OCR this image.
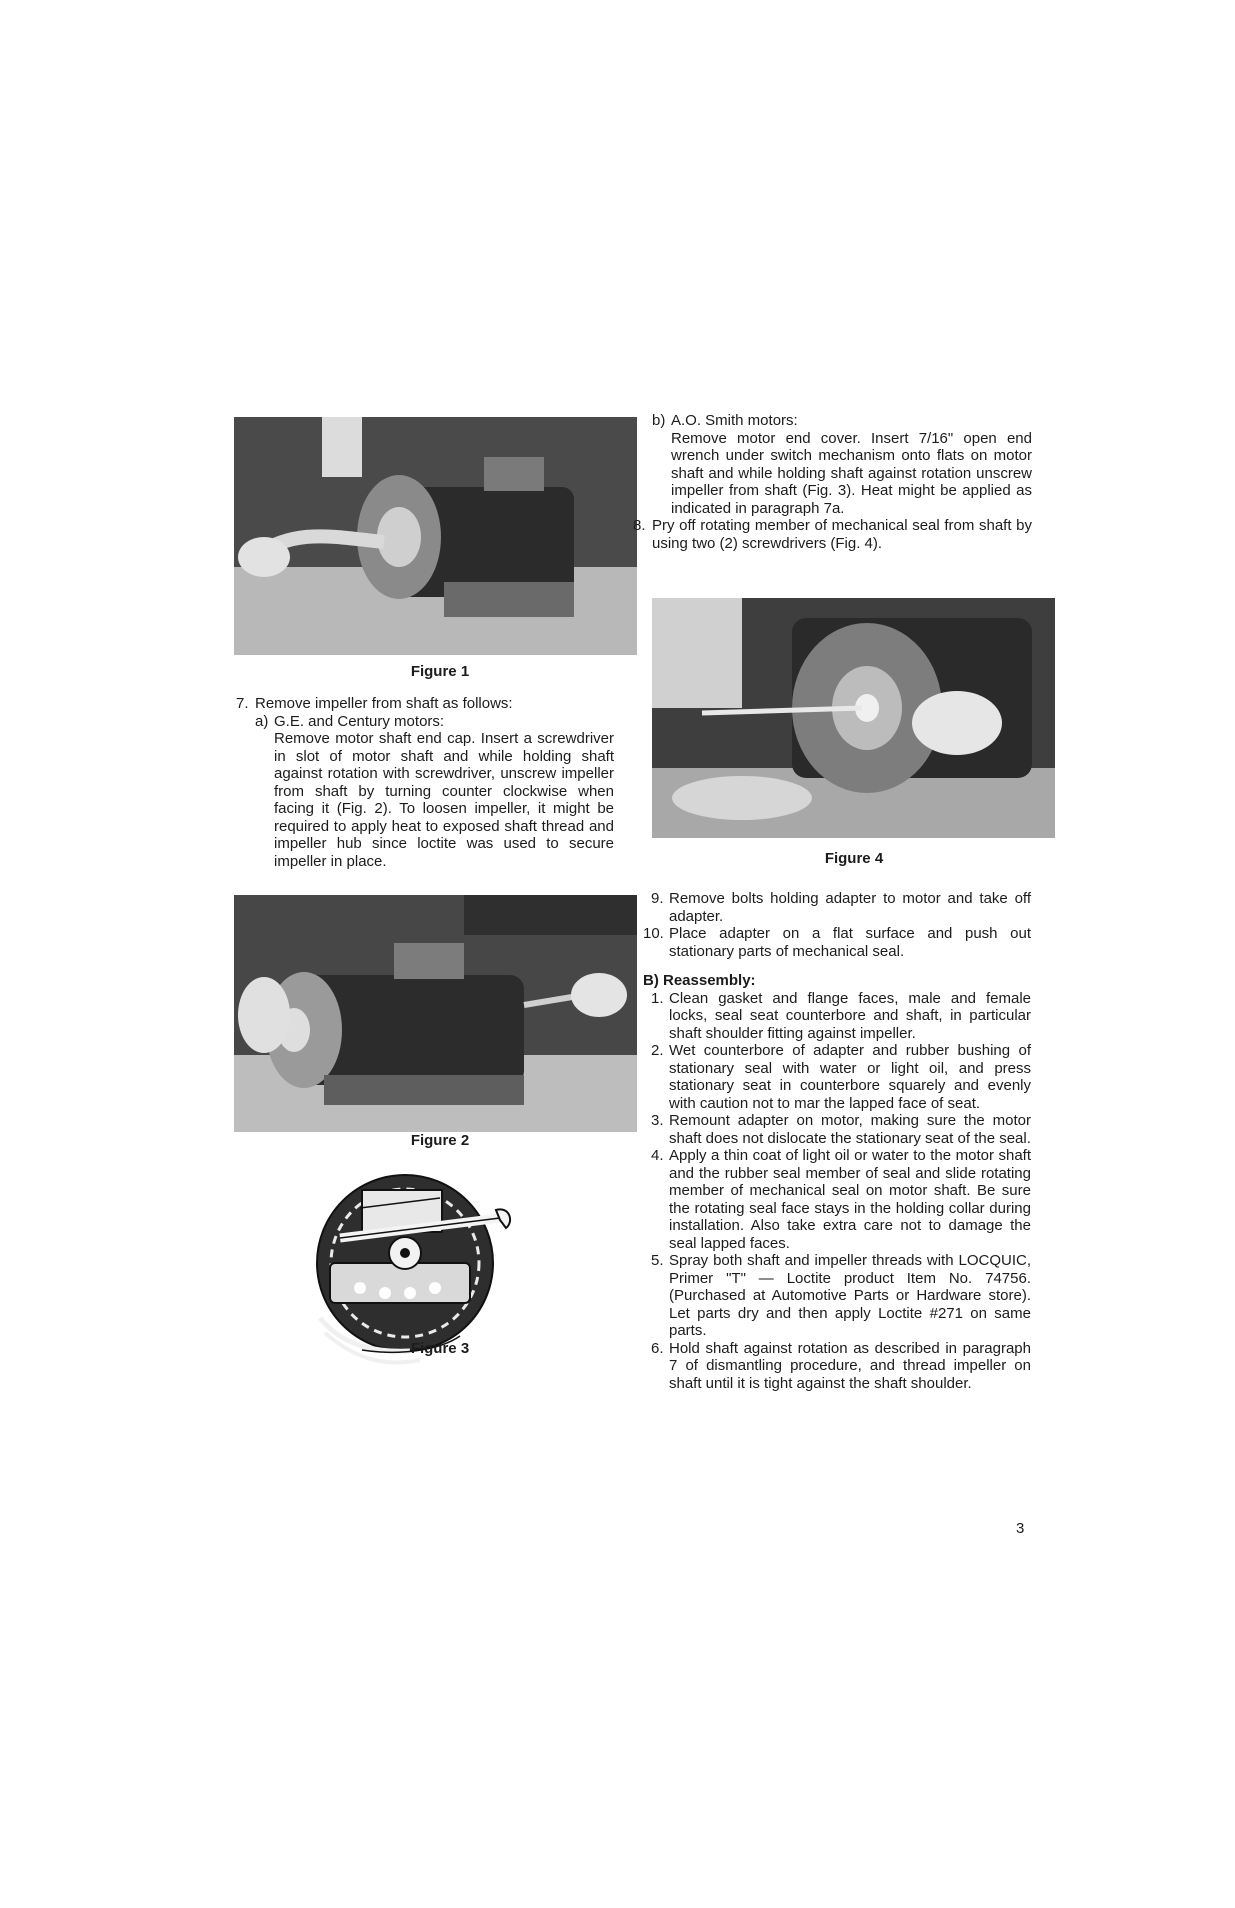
Figure 1
Figure 4
Figure 2
Figure 3
7. Remove impeller from shaft as follows:

a) G.E. and Century motors:

Remove motor shaft end cap. Insert a screwdriver in slot of motor shaft and while holding shaft against rotation with screwdriver, unscrew impeller from shaft by turning counter clockwise when facing it (Fig. 2). To loosen impeller, it might be required to apply heat to exposed shaft thread and impeller hub since loctite was used to secure impeller in place.

b) A.O. Smith motors:

Remove motor end cover. Insert 7/16" open end wrench under switch mechanism onto flats on motor shaft and while holding shaft against rotation unscrew impeller from shaft (Fig. 3). Heat might be applied as indicated in paragraph 7a.

8. Pry off rotating member of mechanical seal from shaft by using two (2) screwdrivers (Fig. 4).

9. Remove bolts holding adapter to motor and take off adapter.

10. Place adapter on a flat surface and push out stationary parts of mechanical seal.

B) Reassembly:

1. Clean gasket and flange faces, male and female locks, seal seat counterbore and shaft, in particular shaft shoulder fitting against impeller.

2. Wet counterbore of adapter and rubber bushing of stationary seal with water or light oil, and press stationary seat in counterbore squarely and evenly with caution not to mar the lapped face of seat.

3. Remount adapter on motor, making sure the motor shaft does not dislocate the stationary seat of the seal.

4. Apply a thin coat of light oil or water to the motor shaft and the rubber seal member of seal and slide rotating member of mechanical seal on motor shaft. Be sure the rotating seal face stays in the holding collar during installation. Also take extra care not to damage the seal lapped faces.

5. Spray both shaft and impeller threads with LOCQUIC, Primer "T" — Loctite product Item No. 74756. (Purchased at Automotive Parts or Hardware store). Let parts dry and then apply Loctite #271 on same parts.

6. Hold shaft against rotation as described in paragraph 7 of dismantling procedure, and thread impeller on shaft until it is tight against the shaft shoulder.

3
